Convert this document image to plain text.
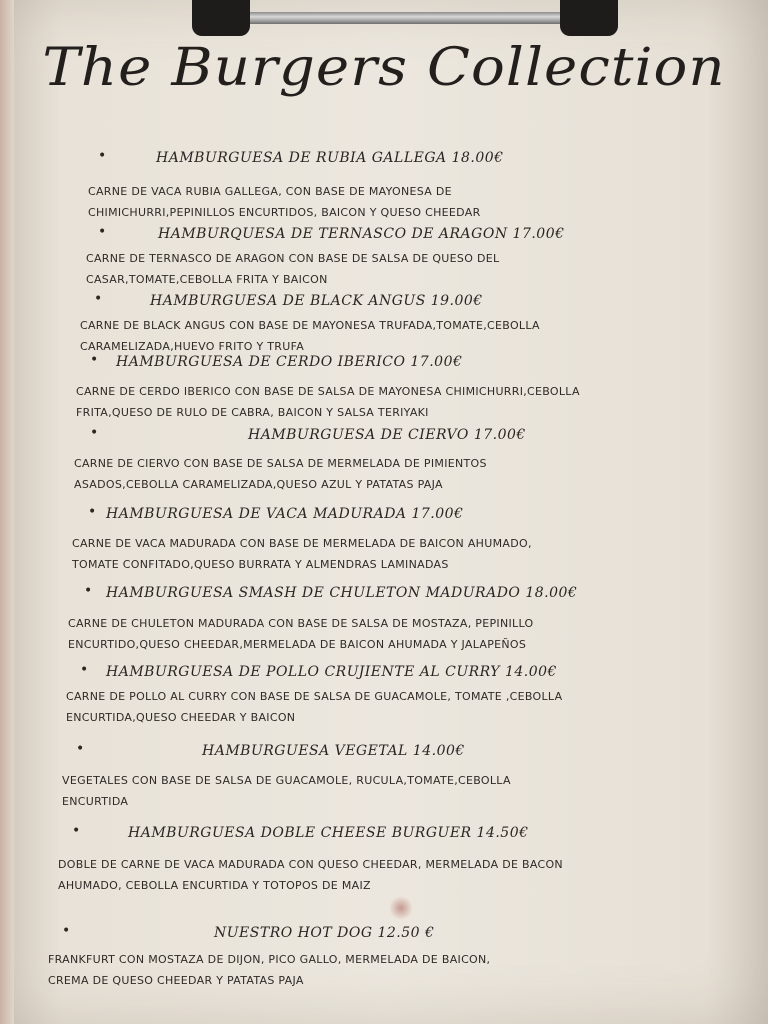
The Burgers Collection
•	HAMBURGUESA DE RUBIA GALLEGA 18.00€
CARNE DE VACA RUBIA GALLEGA, CON BASE DE MAYONESA DE
CHIMICHURRI,PEPINILLOS ENCURTIDOS, BAICON Y QUESO CHEEDAR
•	HAMBURQUESA DE TERNASCO DE ARAGON 17.00€
CARNE DE TERNASCO DE ARAGON CON BASE DE SALSA DE QUESO DEL
CASAR,TOMATE,CEBOLLA FRITA Y BAICON
•	HAMBURGUESA DE BLACK ANGUS 19.00€
CARNE DE BLACK ANGUS CON BASE DE MAYONESA TRUFADA,TOMATE,CEBOLLA
CARAMELIZADA,HUEVO FRITO Y TRUFA
• HAMBURGUESA DE CERDO IBERICO 17.00€
CARNE DE CERDO IBERICO CON BASE DE SALSA DE MAYONESA CHIMICHURRI,CEBOLLA
FRITA,QUESO DE RULO DE CABRA, BAICON Y SALSA TERIYAKI
•	HAMBURGUESA DE CIERVO 17.00€
CARNE DE CIERVO CON BASE DE SALSA DE MERMELADA DE PIMIENTOS
ASADOS,CEBOLLA CARAMELIZADA,QUESO AZUL Y PATATAS PAJA
• HAMBURGUESA DE VACA MADURADA 17.00€
CARNE DE VACA MADURADA CON BASE DE MERMELADA DE BAICON AHUMADO,
TOMATE CONFITADO,QUESO BURRATA Y ALMENDRAS LAMINADAS
• HAMBURGUESA SMASH DE CHULETON MADURADO 18.00€
CARNE DE CHULETON MADURADA CON BASE DE SALSA DE MOSTAZA, PEPINILLO
ENCURTIDO,QUESO CHEEDAR,MERMELADA DE BAICON AHUMADA Y JALAPEÑOS
• HAMBURGUESA DE POLLO CRUJIENTE AL CURRY 14.00€
CARNE DE POLLO AL CURRY CON BASE DE SALSA DE GUACAMOLE, TOMATE ,CEBOLLA
ENCURTIDA,QUESO CHEEDAR Y BAICON
•	HAMBURGUESA VEGETAL 14.00€
VEGETALES CON BASE DE SALSA DE GUACAMOLE, RUCULA,TOMATE,CEBOLLA
ENCURTIDA
•	HAMBURGUESA DOBLE CHEESE BURGUER 14.50€
DOBLE DE CARNE DE VACA MADURADA CON QUESO CHEEDAR, MERMELADA DE BACON
AHUMADO, CEBOLLA ENCURTIDA Y TOTOPOS DE MAIZ
•	NUESTRO HOT DOG 12.50 €
FRANKFURT CON MOSTAZA DE DIJON, PICO GALLO, MERMELADA DE BAICON,
CREMA DE QUESO CHEEDAR Y PATATAS PAJA
